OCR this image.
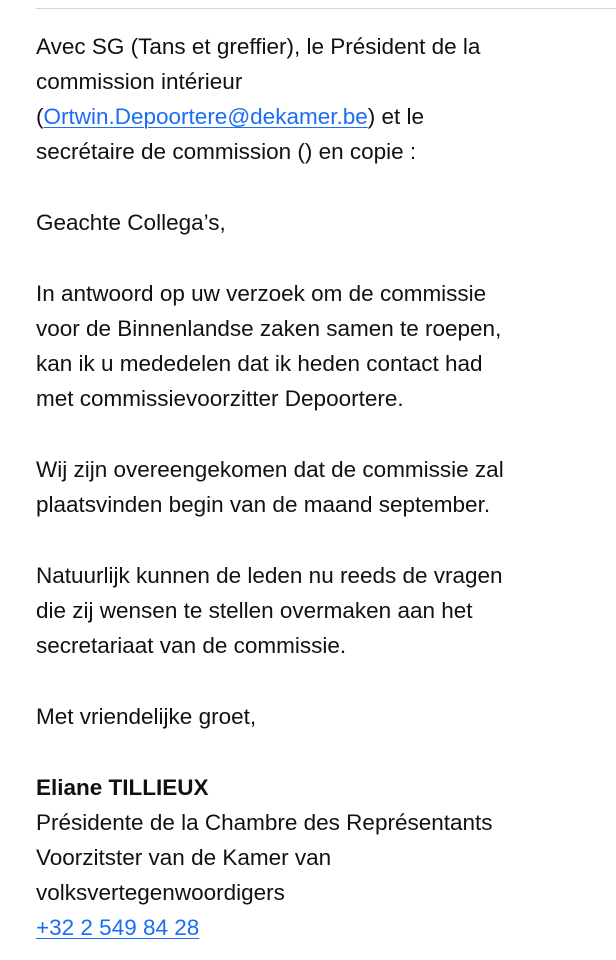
Avec SG (Tans et greffier), le Président de la
commission intérieur
(Ortwin.Depoortere@dekamer.be) et le
secrétaire de commission () en copie :

Geachte Collega’s,

In antwoord op uw verzoek om de commissie
voor de Binnenlandse zaken samen te roepen,
kan ik u mededelen dat ik heden contact had
met commissievoorzitter Depoortere.

Wij zijn overeengekomen dat de commissie zal
plaatsvinden begin van de maand september.

Natuurlijk kunnen de leden nu reeds de vragen
die zij wensen te stellen overmaken aan het
secretariaat van de commissie.

Met vriendelijke groet,

Eliane TILLIEUX
Présidente de la Chambre des Représentants
Voorzitster van de Kamer van
volksvertegenwoordigers
+32 2 549 84 28
